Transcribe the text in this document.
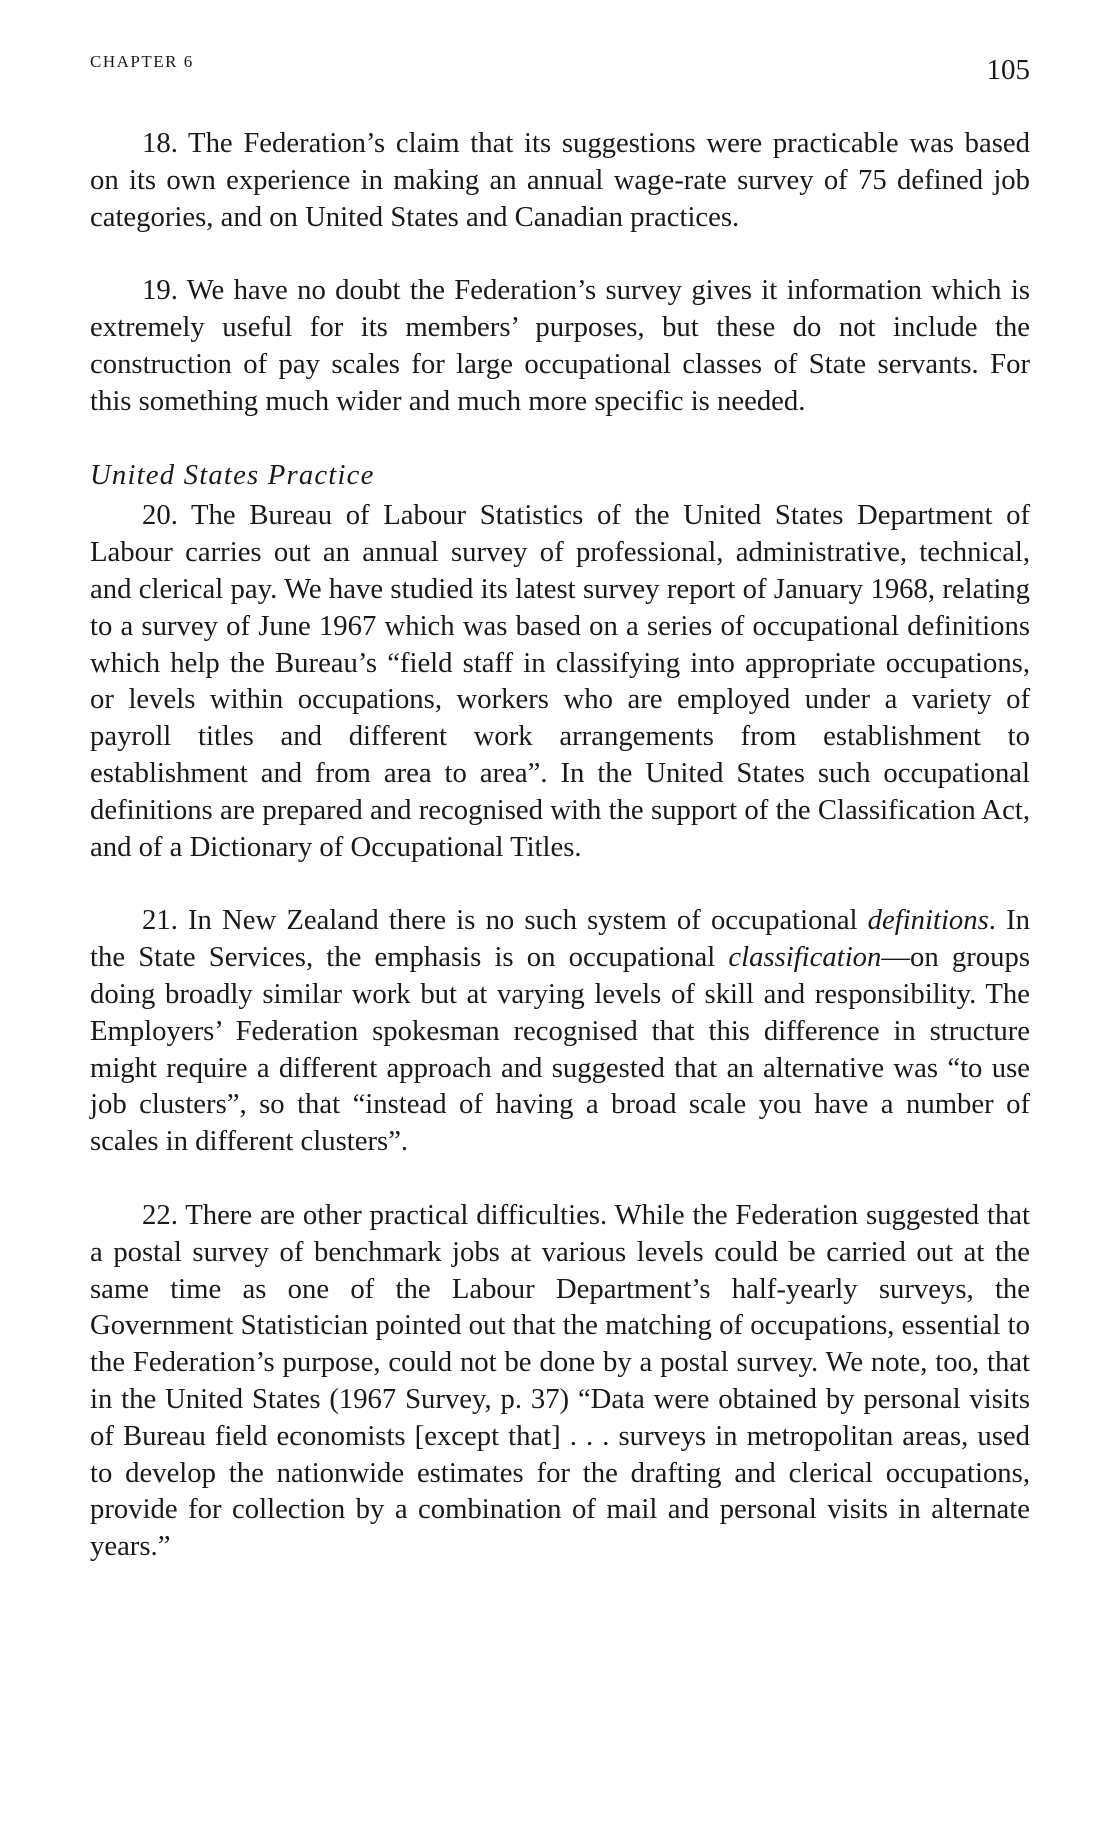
CHAPTER 6	105

18. The Federation’s claim that its suggestions were practicable was based on its own experience in making an annual wage-rate survey of 75 defined job categories, and on United States and Canadian practices.

19. We have no doubt the Federation’s survey gives it information which is extremely useful for its members’ purposes, but these do not include the construction of pay scales for large occupational classes of State servants. For this something much wider and much more specific is needed.

United States Practice

20. The Bureau of Labour Statistics of the United States Department of Labour carries out an annual survey of professional, administrative, technical, and clerical pay. We have studied its latest survey report of January 1968, relating to a survey of June 1967 which was based on a series of occupational definitions which help the Bureau’s “field staff in classifying into appropriate occupations, or levels within occupations, workers who are employed under a variety of payroll titles and different work arrangements from establishment to establishment and from area to area”. In the United States such occupational definitions are prepared and recognised with the support of the Classification Act, and of a Dictionary of Occupational Titles.

21. In New Zealand there is no such system of occupational definitions. In the State Services, the emphasis is on occupational classification—on groups doing broadly similar work but at varying levels of skill and responsibility. The Employers’ Federation spokesman recognised that this difference in structure might require a different approach and suggested that an alternative was “to use job clusters”, so that “instead of having a broad scale you have a number of scales in different clusters”.

22. There are other practical difficulties. While the Federation suggested that a postal survey of benchmark jobs at various levels could be carried out at the same time as one of the Labour Department’s half-yearly surveys, the Government Statistician pointed out that the matching of occupations, essential to the Federation’s purpose, could not be done by a postal survey. We note, too, that in the United States (1967 Survey, p. 37) “Data were obtained by personal visits of Bureau field economists [except that] . . . surveys in metropolitan areas, used to develop the nationwide estimates for the drafting and clerical occupations, provide for collection by a combination of mail and personal visits in alternate years.”
